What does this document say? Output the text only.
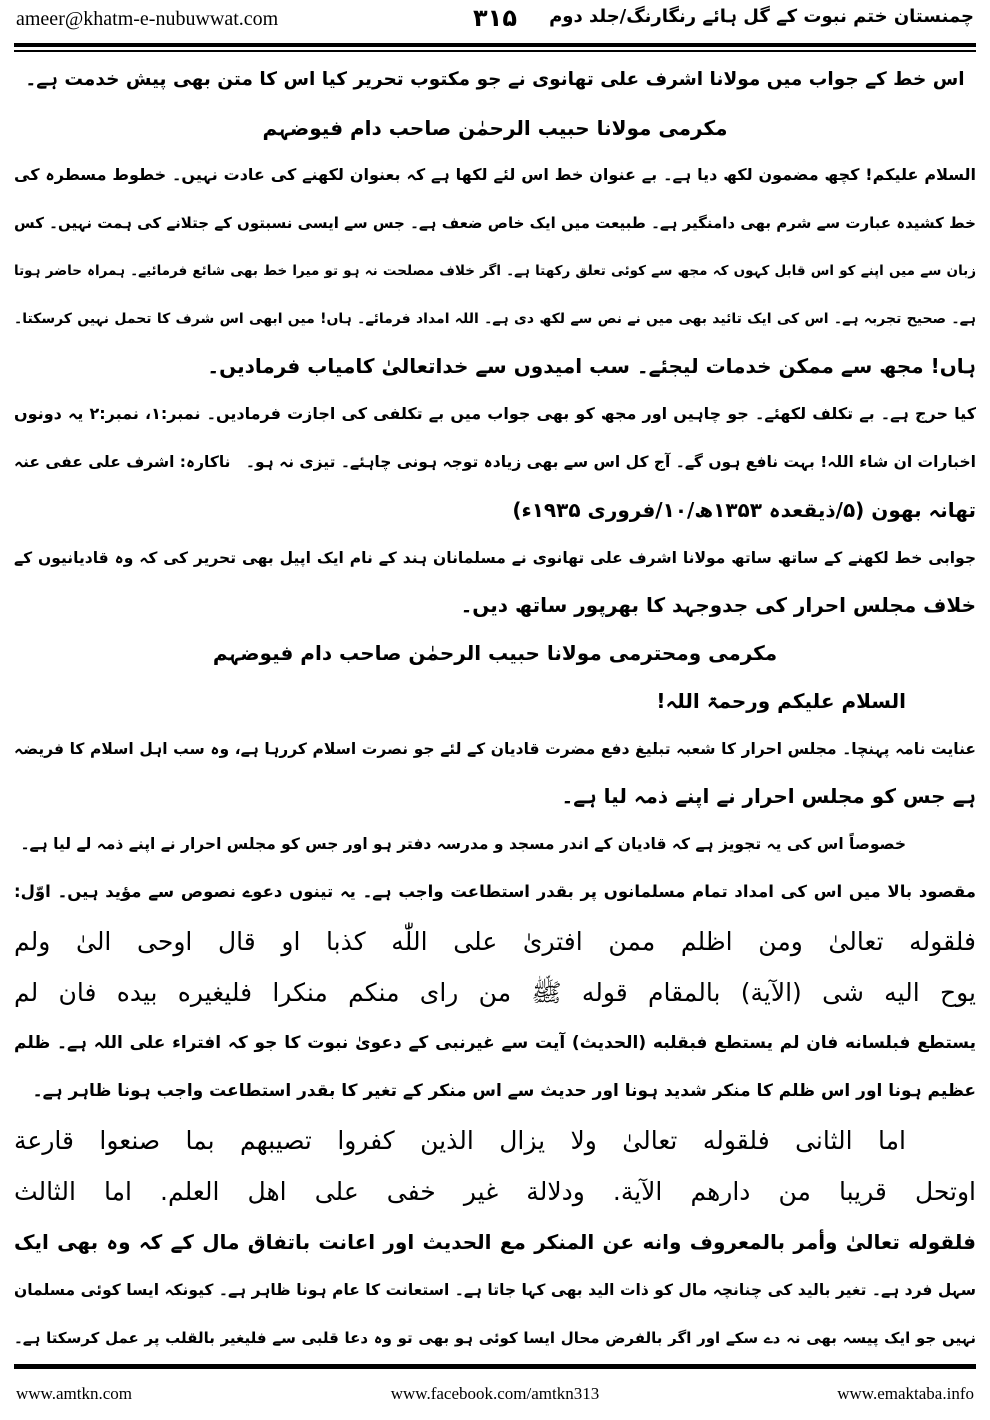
ameer@khatm-e-nubuwwat.com	۳۱۵	چمنستان ختم نبوت کے گل ہائے رنگارنگ/جلد دوم
اس خط کے جواب میں مولانا اشرف علی تھانوی نے جو مکتوب تحریر کیا اس کا متن بھی پیش خدمت ہے۔
مکرمی مولانا حبیب الرحمٰن صاحب دام فیوضہم
السلام علیکم! کچھ مضمون لکھ دیا ہے۔ بے عنوان خط اس لئے لکھا ہے کہ بعنوان لکھنے کی عادت نہیں۔ خطوط مسطرہ کی
خط کشیدہ عبارت سے شرم بھی دامنگیر ہے۔ طبیعت میں ایک خاص ضعف ہے۔ جس سے ایسی نسبتوں کے جتلانے کی ہمت نہیں۔ کس
زبان سے میں اپنے کو اس قابل کہوں کہ مجھ سے کوئی تعلق رکھتا ہے۔ اگر خلاف مصلحت نہ ہو تو میرا خط بھی شائع فرمائیے۔ ہمراہ حاضر ہوتا
ہے۔ صحیح تجربہ ہے۔ اس کی ایک تائید بھی میں نے نص سے لکھ دی ہے۔ اللہ امداد فرمائے۔ ہاں! میں ابھی اس شرف کا تحمل نہیں کرسکتا۔
ہاں! مجھ سے ممکن خدمات لیجئے۔ سب امیدوں سے خداتعالیٰ کامیاب فرمادیں۔
کیا حرج ہے۔ بے تکلف لکھئے۔ جو چاہیں اور مجھ کو بھی جواب میں بے تکلفی کی اجازت فرمادیں۔ نمبر:۱، نمبر:۲ یہ دونوں
اخبارات ان شاء اللہ! بہت نافع ہوں گے۔ آج کل اس سے بھی زیادہ توجہ ہونی چاہئے۔ تیزی نہ ہو۔
ناکارہ: اشرف علی عفی عنہ
تھانہ بھون (۵/ذیقعدہ ۱۳۵۳ھ/۱۰/فروری ۱۹۳۵ء)
جوابی خط لکھنے کے ساتھ ساتھ مولانا اشرف علی تھانوی نے مسلمانان ہند کے نام ایک اپیل بھی تحریر کی کہ وہ قادیانیوں کے
خلاف مجلس احرار کی جدوجہد کا بھرپور ساتھ دیں۔
مکرمی ومحترمی مولانا حبیب الرحمٰن صاحب دام فیوضہم
السلام علیکم ورحمۃ اللہ!
عنایت نامہ پہنچا۔ مجلس احرار کا شعبہ تبلیغ دفع مضرت قادیان کے لئے جو نصرت اسلام کررہا ہے، وہ سب اہل اسلام کا فریضہ
ہے جس کو مجلس احرار نے اپنے ذمہ لیا ہے۔
خصوصاً اس کی یہ تجویز ہے کہ قادیان کے اندر مسجد و مدرسہ دفتر ہو اور جس کو مجلس احرار نے اپنے ذمہ لے لیا ہے۔
مقصود بالا میں اس کی امداد تمام مسلمانوں پر بقدر استطاعت واجب ہے۔ یہ تینوں دعوے نصوص سے مؤید ہیں۔ اوّل:
فلقوله تعالیٰ ومن اظلم ممن افتریٰ علی اللّٰه کذبا او قال اوحی الیٰ ولم
یوح الیه شی (الآیة) بالمقام قوله ﷺ من رای منکم منکرا فلیغیره بیده فان لم
یستطع فبلسانه فان لم یستطع فبقلبه (الحدیث) آیت سے غیرنبی کے دعویٰ نبوت کا جو کہ افتراء علی اللہ ہے۔ ظلم
عظیم ہونا اور اس ظلم کا منکر شدید ہونا اور حدیث سے اس منکر کے تغیر کا بقدر استطاعت واجب ہونا ظاہر ہے۔
اما الثانی فلقوله تعالیٰ ولا یزال الذین کفروا تصیبهم بما صنعوا قارعة
اوتحل قریبا من دارهم الآیة. ودلالة غیر خفی علی اهل العلم. اما الثالث
فلقوله تعالیٰ وأمر بالمعروف وانه عن المنکر مع الحدیث اور اعانت باتفاق مال کے کہ وہ بھی ایک
سہل فرد ہے۔ تغیر بالید کی چنانچہ مال کو ذات الید بھی کہا جاتا ہے۔ استعانت کا عام ہونا ظاہر ہے۔ کیونکہ ایسا کوئی مسلمان
نہیں جو ایک پیسہ بھی نہ دے سکے اور اگر بالفرض محال ایسا کوئی ہو بھی تو وہ دعا قلبی سے فلیغیر بالقلب پر عمل کرسکتا ہے۔
www.amtkn.com	www.facebook.com/amtkn313	www.emaktaba.info
